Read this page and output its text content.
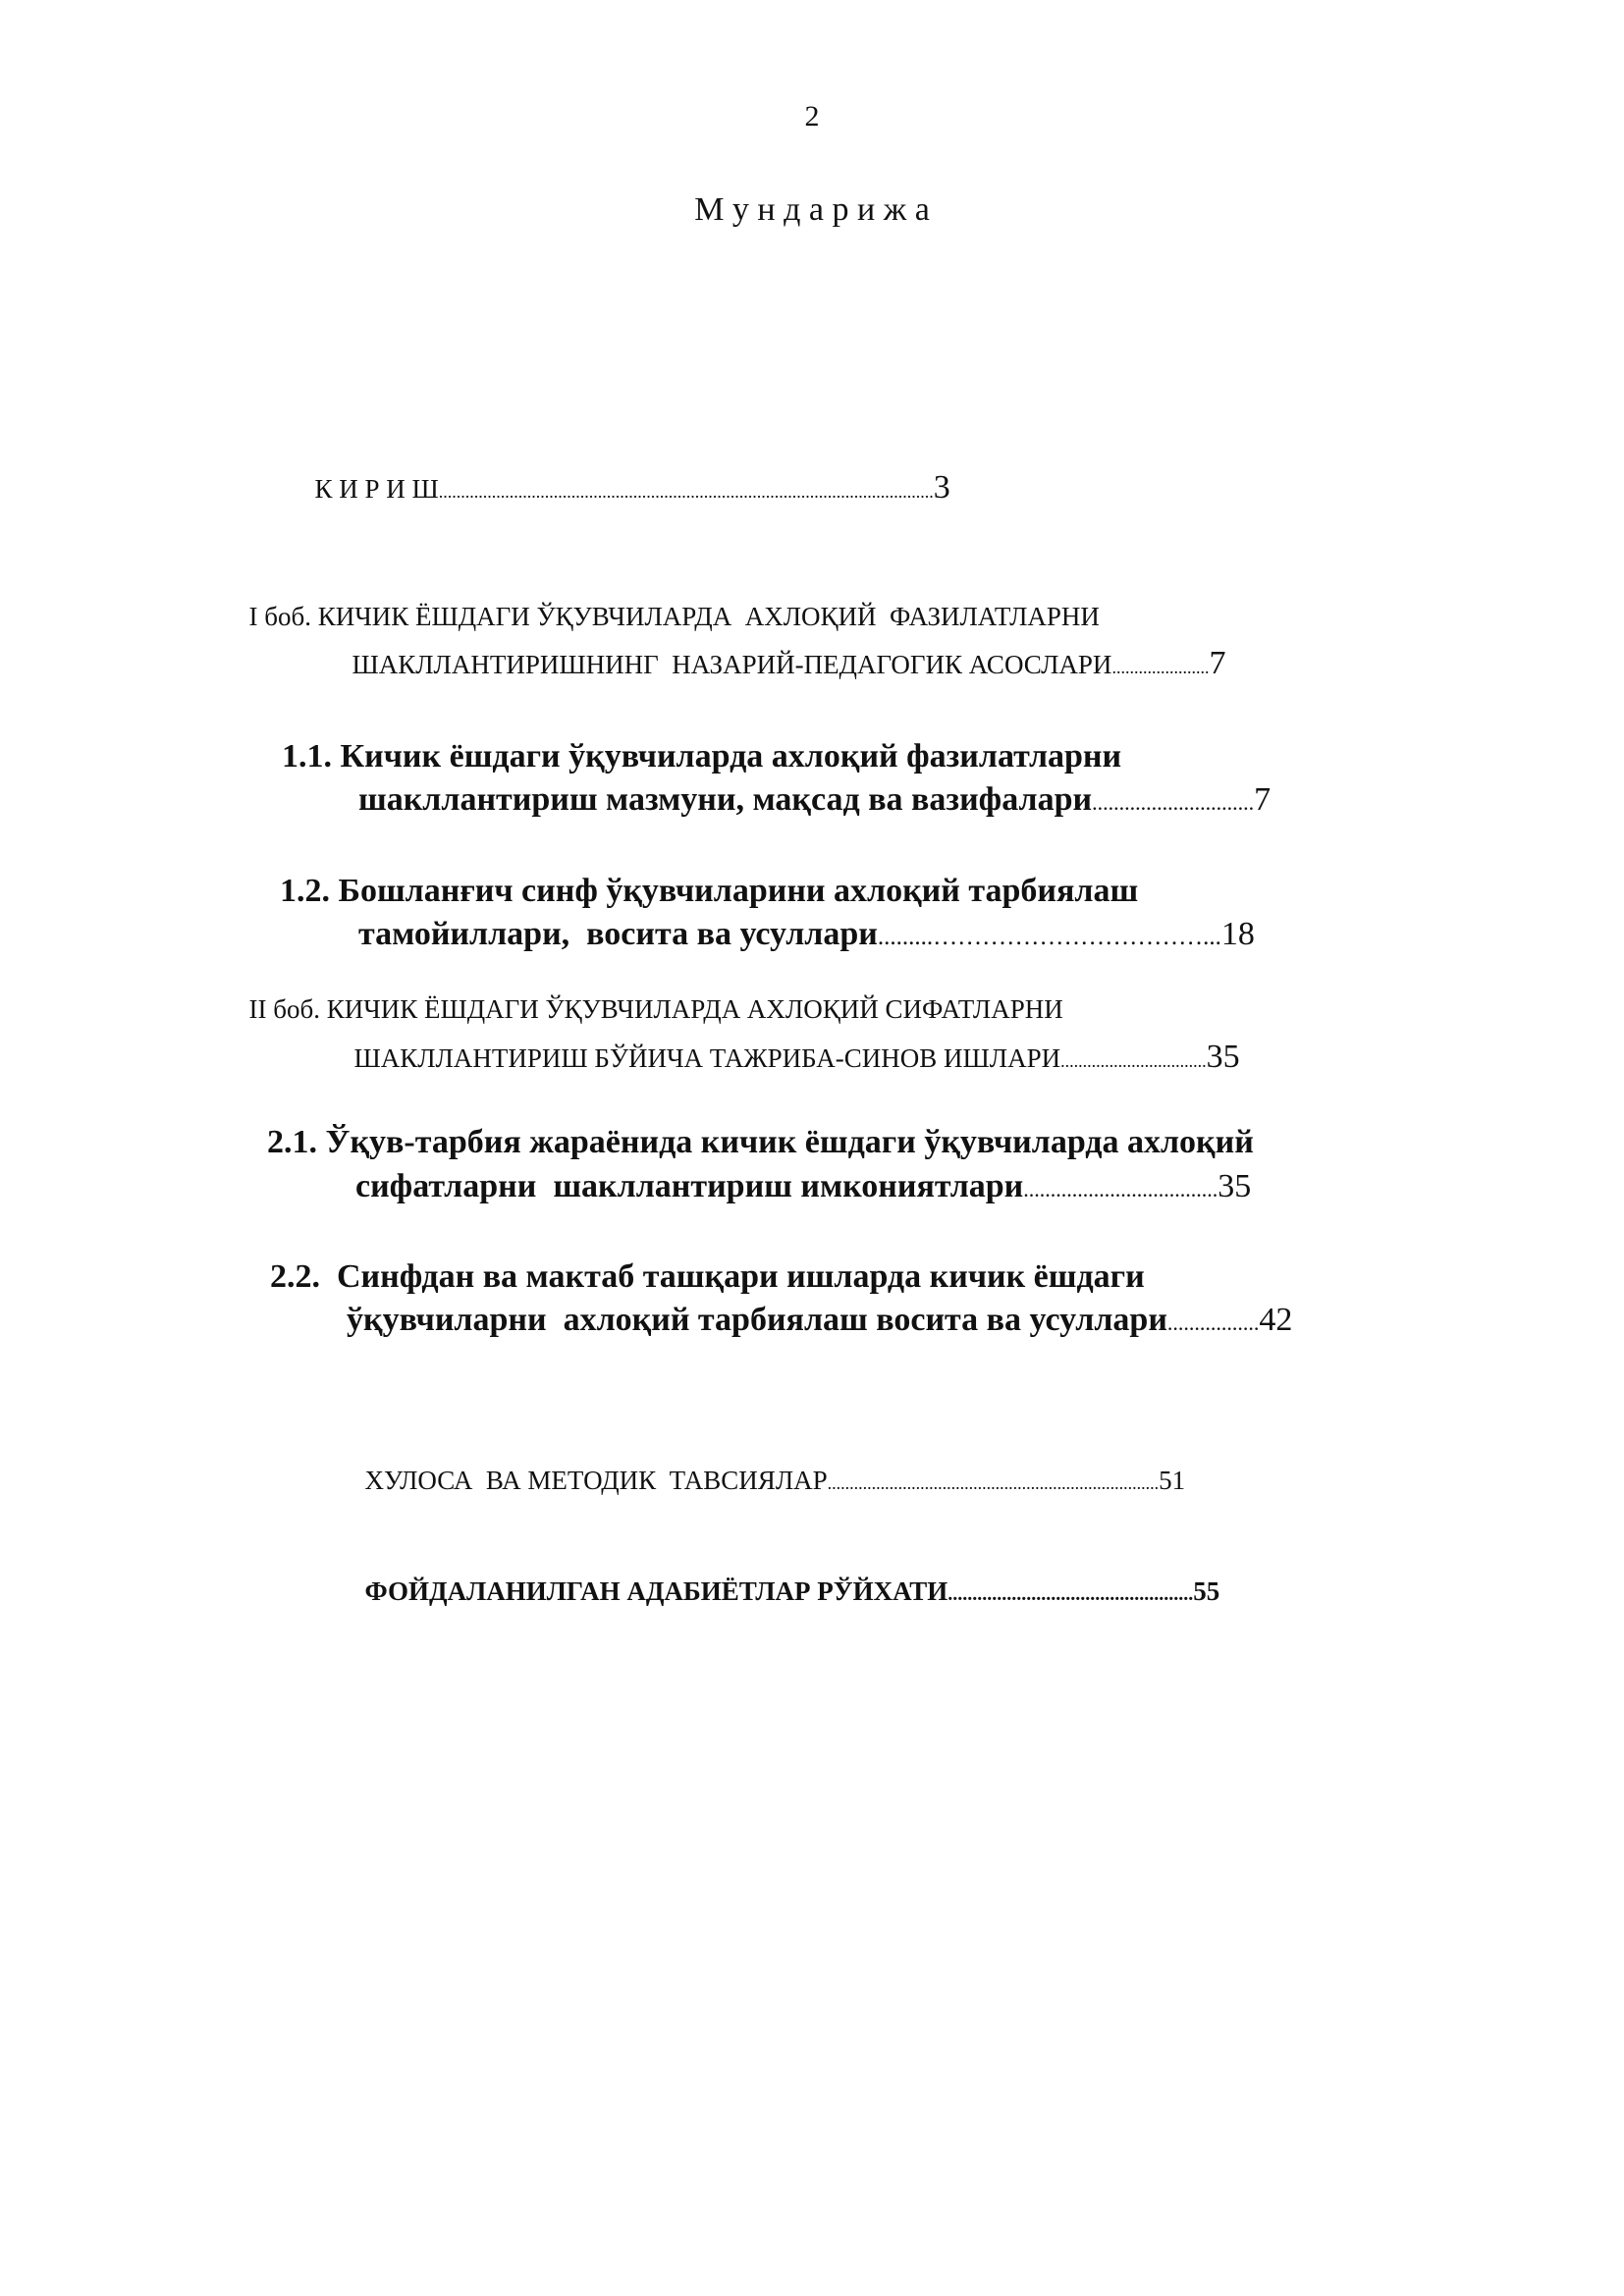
2
М у н д а р и ж а

К И Р И Ш................................................................................................................3

I боб. КИЧИК ЁШДАГИ ЎҚУВЧИЛАРДА  АХЛОҚИЙ  ФАЗИЛАТЛАРНИ

ШАКЛЛАНТИРИШНИНГ  НАЗАРИЙ-ПЕДАГОГИК АСОСЛАРИ......................7

1.1. Кичик ёшдаги ўқувчиларда ахлоқий фазилатларни

шакллантириш мазмуни, мақсад ва вазифалари..............................7

1.2. Бошланғич синф ўқувчиларини ахлоқий тарбиялаш

тамойиллари,  восита ва усуллари.........……………………………...18

II боб. КИЧИК ЁШДАГИ ЎҚУВЧИЛАРДА АХЛОҚИЙ СИФАТЛАРНИ

ШАКЛЛАНТИРИШ БЎЙИЧА ТАЖРИБА-СИНОВ ИШЛАРИ.................................35

2.1. Ўқув-тарбия жараёнида кичик ёшдаги ўқувчиларда ахлоқий

сифатларни  шакллантириш имкониятлари....................................35

2.2.  Синфдан ва мактаб ташқари ишларда кичик ёшдаги

ўқувчиларни  ахлоқий тарбиялаш восита ва усуллари.................42

ХУЛОСА  ВА МЕТОДИК  ТАВСИЯЛАР...........................................................................51

ФОЙДАЛАНИЛГАН АДАБИЁТЛАР РЎЙХАТИ..................................................55
